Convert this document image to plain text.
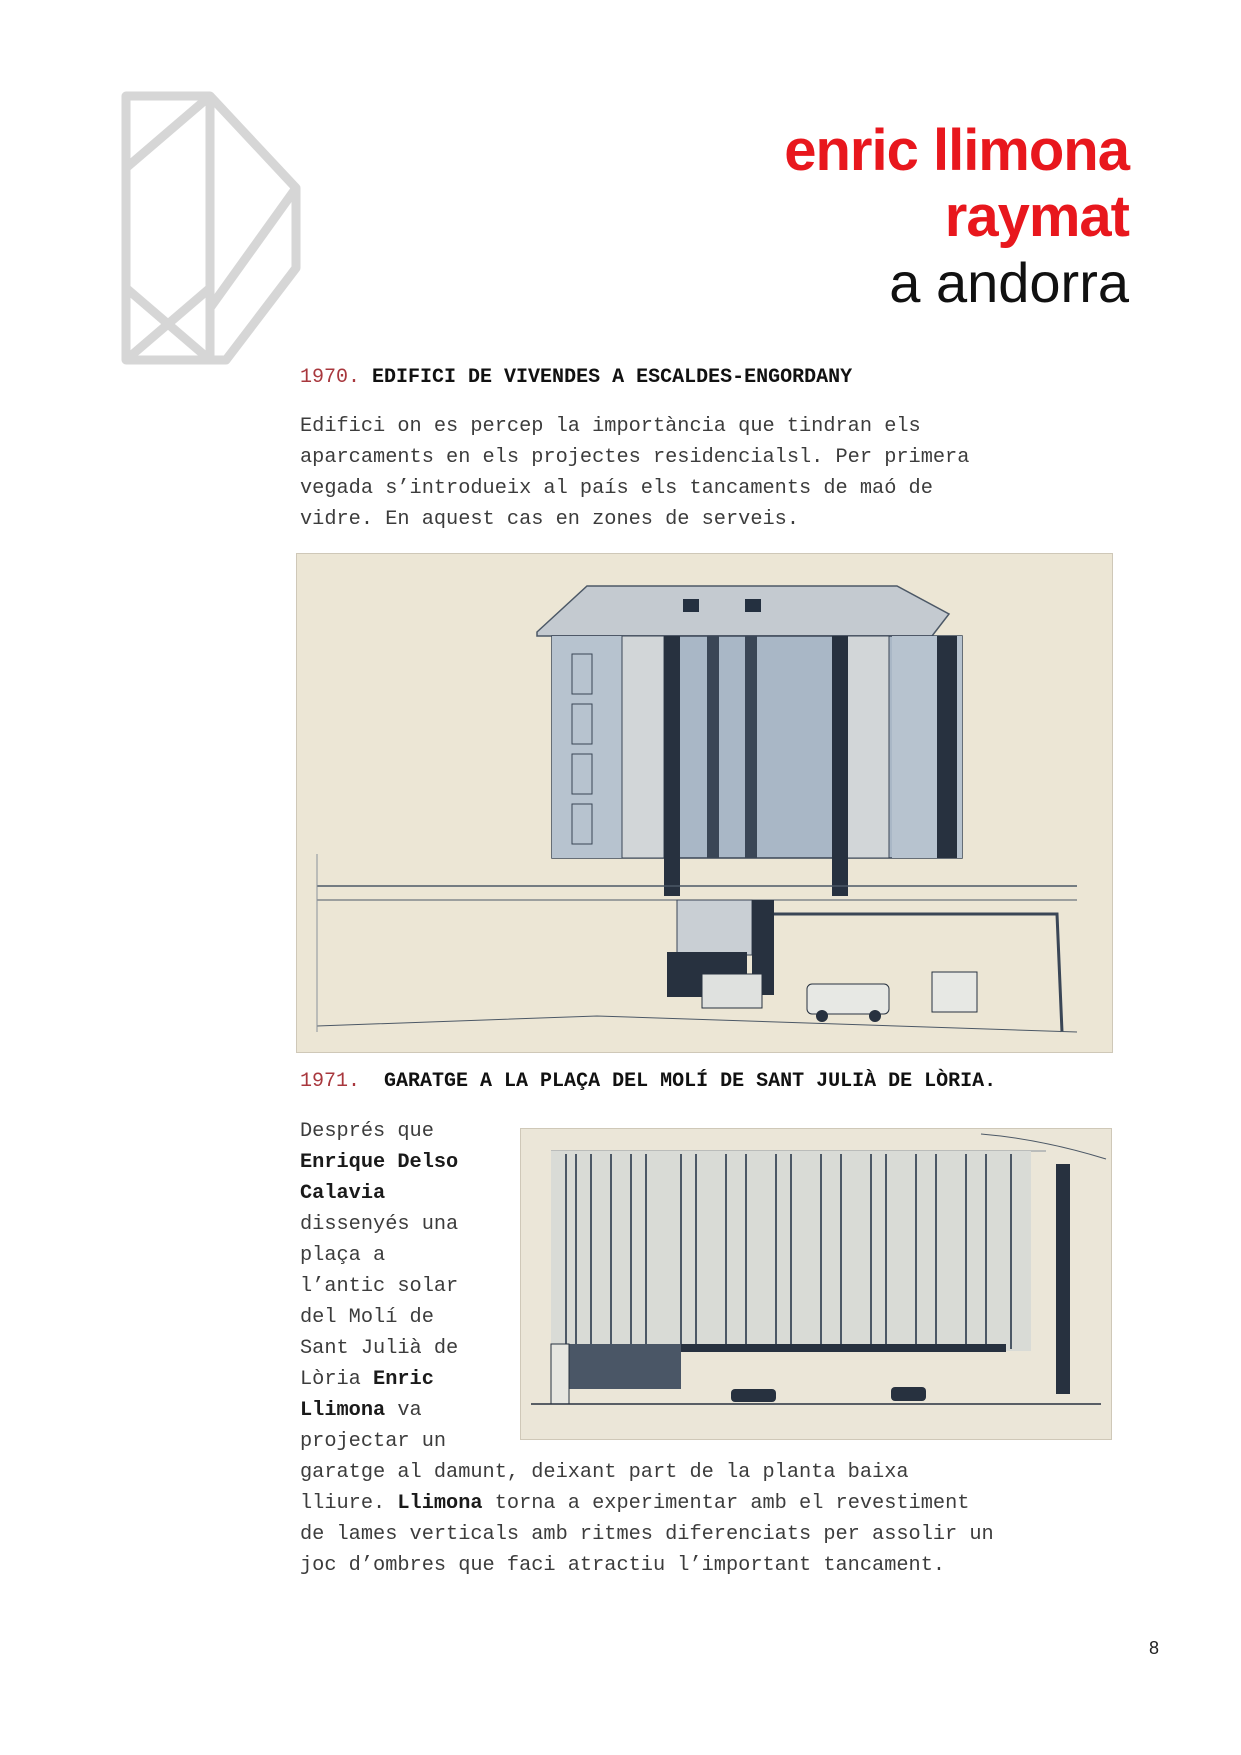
enric llimona
raymat
a andorra
1970. EDIFICI DE VIVENDES A ESCALDES-ENGORDANY
Edifici on es percep la importància que tindran els
aparcaments en els projectes residencialsl. Per primera
vegada s’introdueix al país els tancaments de maó de
vidre. En aquest cas en zones de serveis.
1971. GARATGE A LA PLAÇA DEL MOLÍ DE SANT JULIÀ DE LÒRIA.
Després que
Enrique Delso
Calavia
dissenyés una
plaça a
l’antic solar
del Molí de
Sant Julià de
Lòria Enric
Llimona va
projectar un
garatge al damunt, deixant part de la planta baixa
lliure. Llimona torna a experimentar amb el revestiment
de lames verticals amb ritmes diferenciats per assolir un
joc d’ombres que faci atractiu l’important tancament.
8
